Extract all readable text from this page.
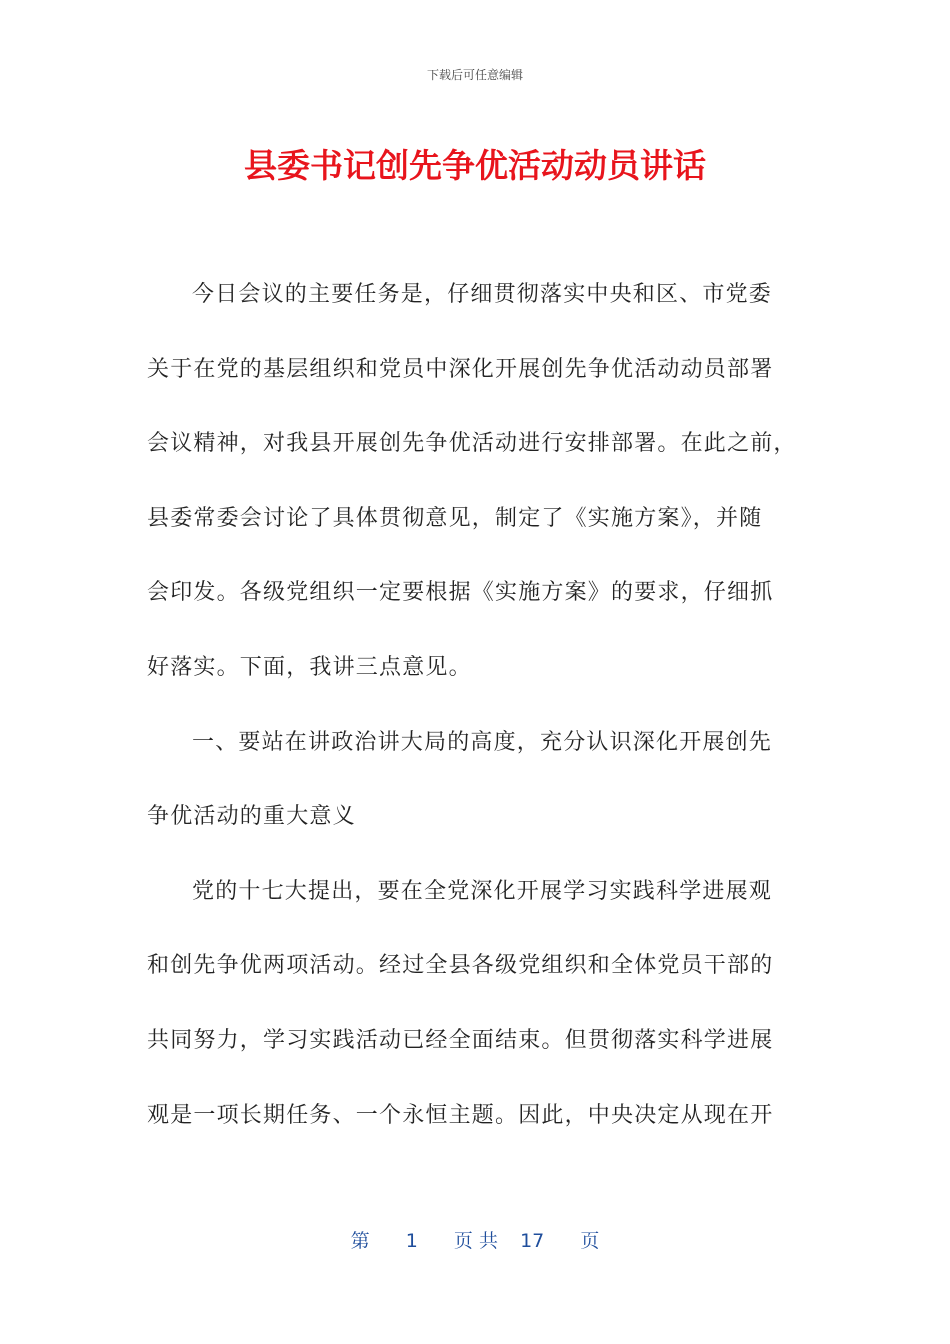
下载后可任意编辑
县委书记创先争优活动动员讲话
今日会议的主要任务是，仔细贯彻落实中央和区、市党委
关于在党的基层组织和党员中深化开展创先争优活动动员部署
会议精神，对我县开展创先争优活动进行安排部署。在此之前，
县委常委会讨论了具体贯彻意见，制定了《实施方案》，并随
会印发。各级党组织一定要根据《实施方案》的要求，仔细抓
好落实。下面，我讲三点意见。
一、要站在讲政治讲大局的高度，充分认识深化开展创先
争优活动的重大意义
党的十七大提出，要在全党深化开展学习实践科学进展观
和创先争优两项活动。经过全县各级党组织和全体党员干部的
共同努力，学习实践活动已经全面结束。但贯彻落实科学进展
观是一项长期任务、一个永恒主题。因此，中央决定从现在开
第 1 页 共 17 页
